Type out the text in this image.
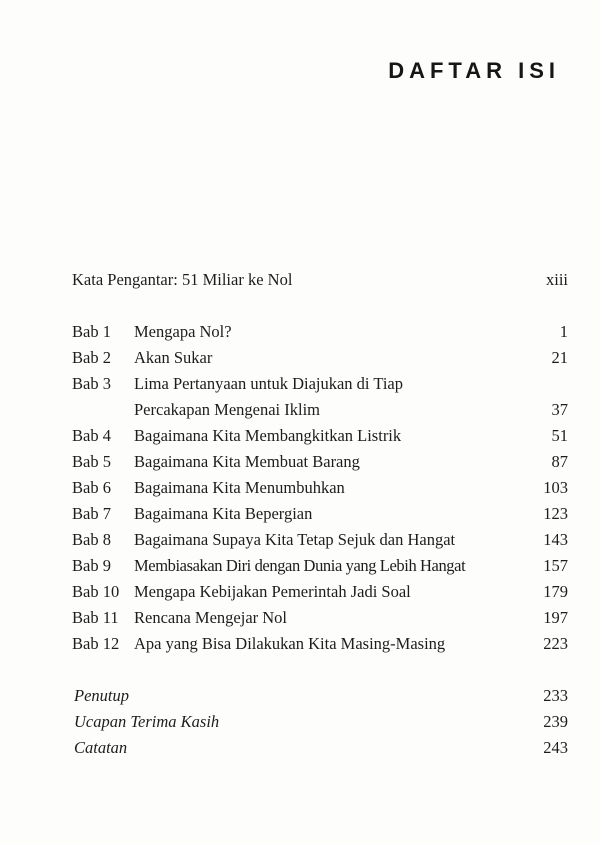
DAFTAR ISI
Kata Pengantar: 51 Miliar ke Nol	xiii
Bab 1 Mengapa Nol?	1
Bab 2 Akan Sukar	21
Bab 3 Lima Pertanyaan untuk Diajukan di Tiap
Percakapan Mengenai Iklim	37
Bab 4 Bagaimana Kita Membangkitkan Listrik	51
Bab 5 Bagaimana Kita Membuat Barang	87
Bab 6 Bagaimana Kita Menumbuhkan	103
Bab 7 Bagaimana Kita Bepergian	123
Bab 8 Bagaimana Supaya Kita Tetap Sejuk dan Hangat	143
Bab 9 Membiasakan Diri dengan Dunia yang Lebih Hangat	157
Bab 10 Mengapa Kebijakan Pemerintah Jadi Soal	179
Bab 11 Rencana Mengejar Nol	197
Bab 12 Apa yang Bisa Dilakukan Kita Masing-Masing	223
Penutup	233
Ucapan Terima Kasih	239
Catatan	243
